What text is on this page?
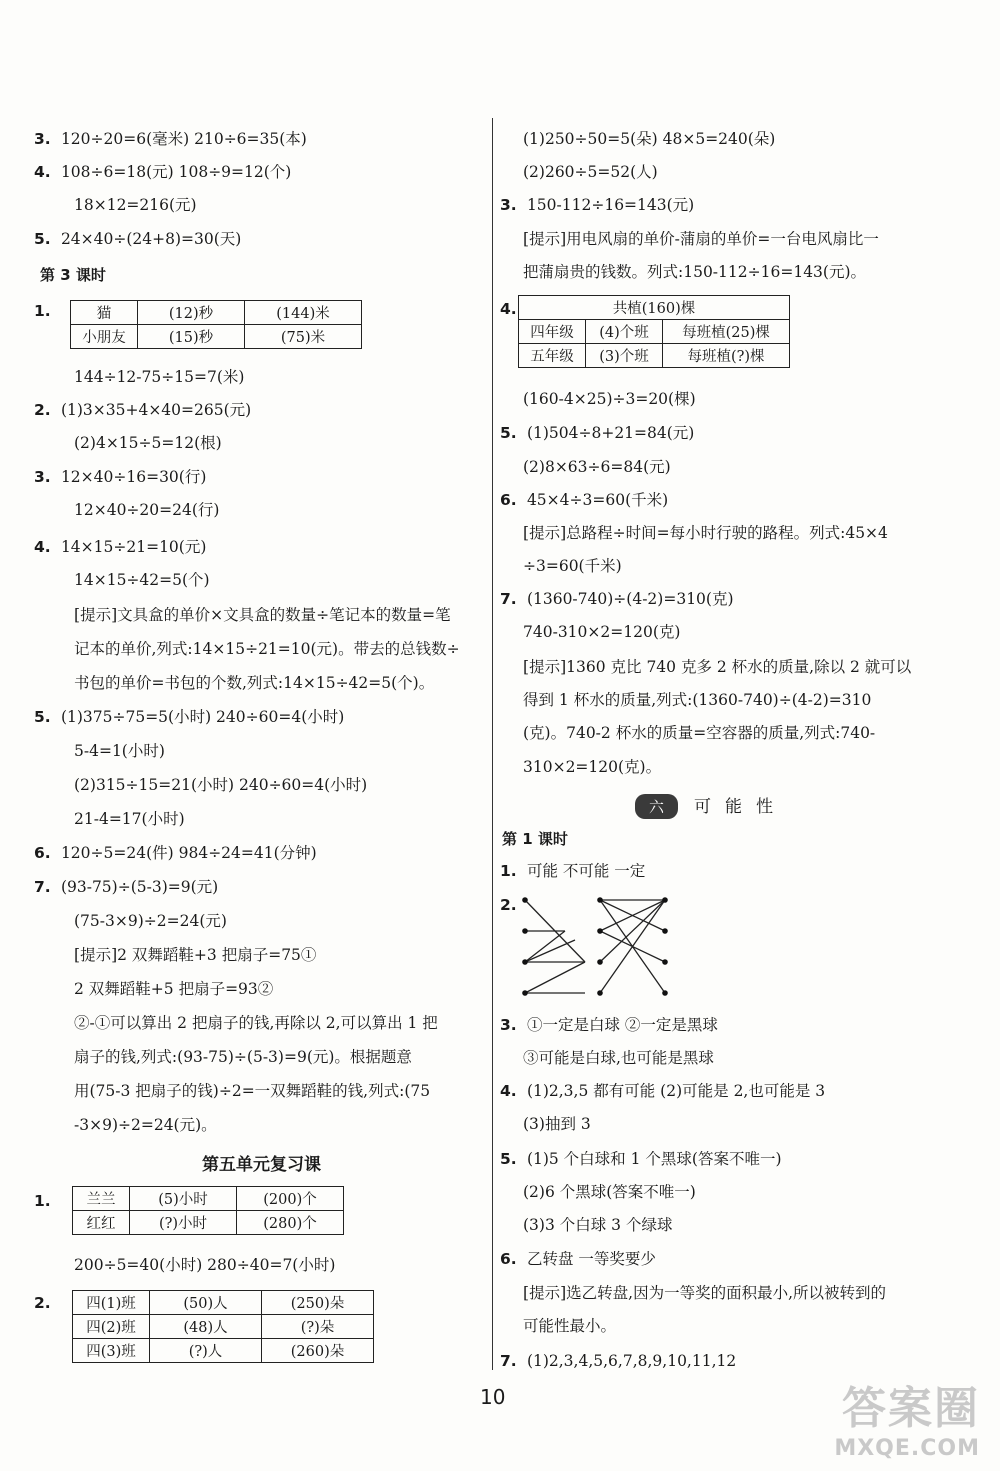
3. 120÷20=6(毫米) 210÷6=35(本)
4. 108÷6=18(元) 108÷9=12(个)
18×12=216(元)
5. 24×40÷(24+8)=30(天)
第 3 课时
1.	猫	(12)秒	(144)米
小朋友	(15)秒	(75)米
144÷12-75÷15=7(米)
2. (1)3×35+4×40=265(元)
(2)4×15÷5=12(根)
3. 12×40÷16=30(行)
12×40÷20=24(行)
4. 14×15÷21=10(元)
14×15÷42=5(个)
[提示]文具盒的单价×文具盒的数量÷笔记本的数量=笔
记本的单价,列式:14×15÷21=10(元)。带去的总钱数÷
书包的单价=书包的个数,列式:14×15÷42=5(个)。
5. (1)375÷75=5(小时) 240÷60=4(小时)
5-4=1(小时)
(2)315÷15=21(小时) 240÷60=4(小时)
21-4=17(小时)
6. 120÷5=24(件) 984÷24=41(分钟)
7. (93-75)÷(5-3)=9(元)
(75-3×9)÷2=24(元)
[提示]2 双舞蹈鞋+3 把扇子=75①
2 双舞蹈鞋+5 把扇子=93②
②-①可以算出 2 把扇子的钱,再除以 2,可以算出 1 把
扇子的钱,列式:(93-75)÷(5-3)=9(元)。根据题意
用(75-3 把扇子的钱)÷2=一双舞蹈鞋的钱,列式:(75
-3×9)÷2=24(元)。
第五单元复习课
1.	兰兰	(5)小时	(200)个
红红	(?)小时	(280)个
200÷5=40(小时) 280÷40=7(小时)
2.	四(1)班	(50)人	(250)朵
四(2)班	(48)人	(?)朵
四(3)班	(?)人	(260)朵
(1)250÷50=5(朵) 48×5=240(朵)
(2)260÷5=52(人)
3. 150-112÷16=143(元)
[提示]用电风扇的单价-蒲扇的单价=一台电风扇比一
把蒲扇贵的钱数。列式:150-112÷16=143(元)。
4.	共植(160)棵		
四年级	(4)个班	每班植(25)棵
五年级	(3)个班	每班植(?)棵
(160-4×25)÷3=20(棵)
5. (1)504÷8+21=84(元)
(2)8×63÷6=84(元)
6. 45×4÷3=60(千米)
[提示]总路程÷时间=每小时行驶的路程。列式:45×4
÷3=60(千米)
7. (1360-740)÷(4-2)=310(克)
740-310×2=120(克)
[提示]1360 克比 740 克多 2 杯水的质量,除以 2 就可以
得到 1 杯水的质量,列式:(1360-740)÷(4-2)=310
(克)。740-2 杯水的质量=空容器的质量,列式:740-
310×2=120(克)。
六 可能性
第 1 课时
1. 可能 不可能 一定
2.
3. ①一定是白球 ②一定是黑球
③可能是白球,也可能是黑球
4. (1)2,3,5 都有可能 (2)可能是 2,也可能是 3
(3)抽到 3
5. (1)5 个白球和 1 个黑球(答案不唯一)
(2)6 个黑球(答案不唯一)
(3)3 个白球 3 个绿球
6. 乙转盘 一等奖要少
[提示]选乙转盘,因为一等奖的面积最小,所以被转到的
可能性最小。
7. (1)2,3,4,5,6,7,8,9,10,11,12
10	答案圈
MXQE.COM
